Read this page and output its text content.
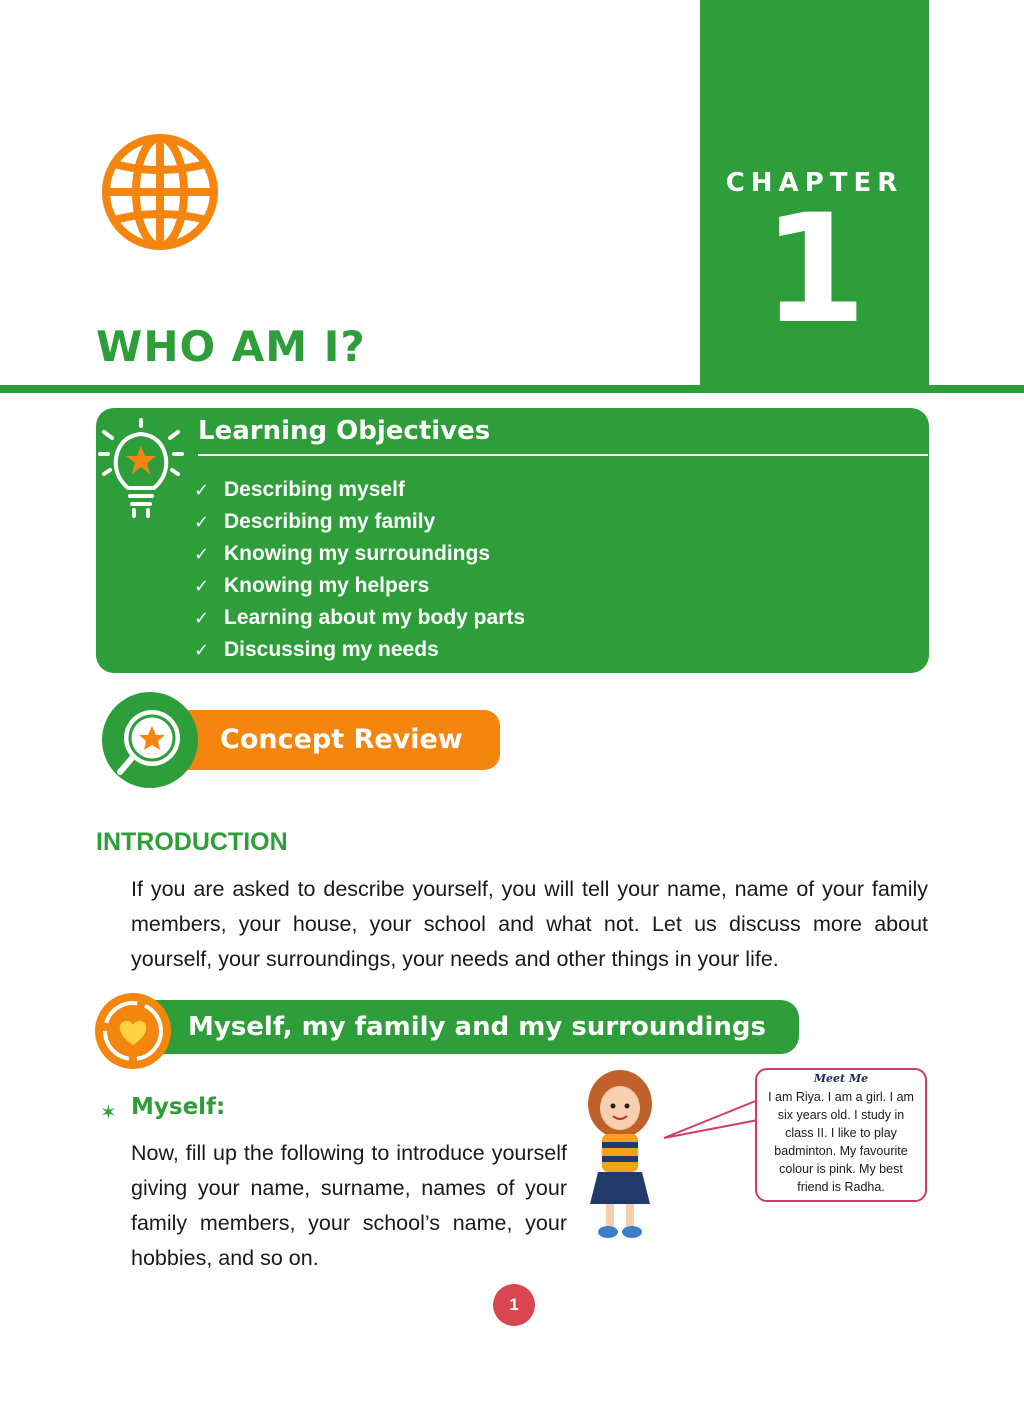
CHAPTER
1
WHO AM I?
Learning Objectives
✓ Describing myself
✓ Describing my family
✓ Knowing my surroundings
✓ Knowing my helpers
✓ Learning about my body parts
✓ Discussing my needs
Concept Review
INTRODUCTION

If you are asked to describe yourself, you will tell your name, name of your family members, your house, your school and what not. Let us discuss more about yourself, your surroundings, your needs and other things in your life.

Myself, my family and my surroundings
✶ Myself:

Now, fill up the following to introduce yourself giving your name, surname, names of your family members, your school’s name, your hobbies, and so on.

Meet Me
I am Riya. I am a girl. I am six years old. I study in class II. I like to play badminton. My favourite colour is pink. My best friend is Radha.
1
